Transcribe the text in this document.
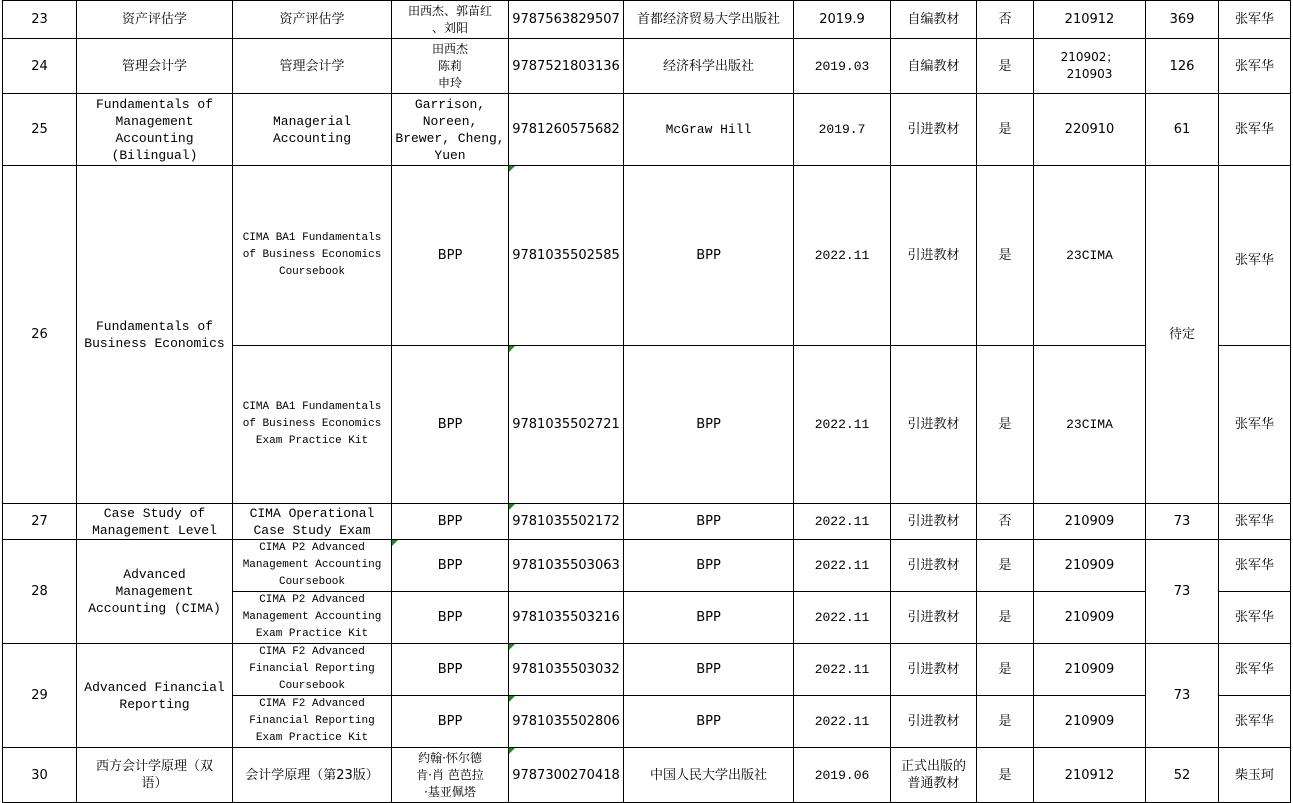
23	资产评估学	资产评估学	田西杰、郭苗红
、刘阳	9787563829507	首都经济贸易大学出版社	2019.9	自编教材	否	210912	369	张军华
24	管理会计学	管理会计学	田西杰
陈莉
申玲	9787521803136	经济科学出版社	2019.03	自编教材	是	210902；
210903	126	张军华
25	Fundamentals of
Management
Accounting
(Bilingual)	Managerial
Accounting	Garrison,
Noreen,
Brewer, Cheng,
Yuen	9781260575682	McGraw Hill	2019.7	引进教材	是	220910	61	张军华
26	Fundamentals of
Business Economics	CIMA BA1 Fundamentals
of Business Economics
Coursebook	BPP	9781035502585	BPP	2022.11	引进教材	是	23CIMA	待定	张军华
		CIMA BA1 Fundamentals
of Business Economics
Exam Practice Kit	BPP	9781035502721	BPP	2022.11	引进教材	是	23CIMA		张军华
27	Case Study of
Management Level	CIMA Operational
Case Study Exam	BPP	9781035502172	BPP	2022.11	引进教材	否	210909	73	张军华
28	Advanced
Management
Accounting (CIMA)	CIMA P2 Advanced
Management Accounting
Coursebook	BPP	9781035503063	BPP	2022.11	引进教材	是	210909	73	张军华
		CIMA P2 Advanced
Management Accounting
Exam Practice Kit	BPP	9781035503216	BPP	2022.11	引进教材	是	210909		张军华
29	Advanced Financial
Reporting	CIMA F2 Advanced
Financial Reporting
Coursebook	BPP	9781035503032	BPP	2022.11	引进教材	是	210909	73	张军华
		CIMA F2 Advanced
Financial Reporting
Exam Practice Kit	BPP	9781035502806	BPP	2022.11	引进教材	是	210909		张军华
30	西方会计学原理（双
语）	会计学原理（第23版）	约翰·怀尔德
肯·肖 芭芭拉
·基亚佩塔	9787300270418	中国人民大学出版社	2019.06	正式出版的
普通教材	是	210912	52	柴玉珂
